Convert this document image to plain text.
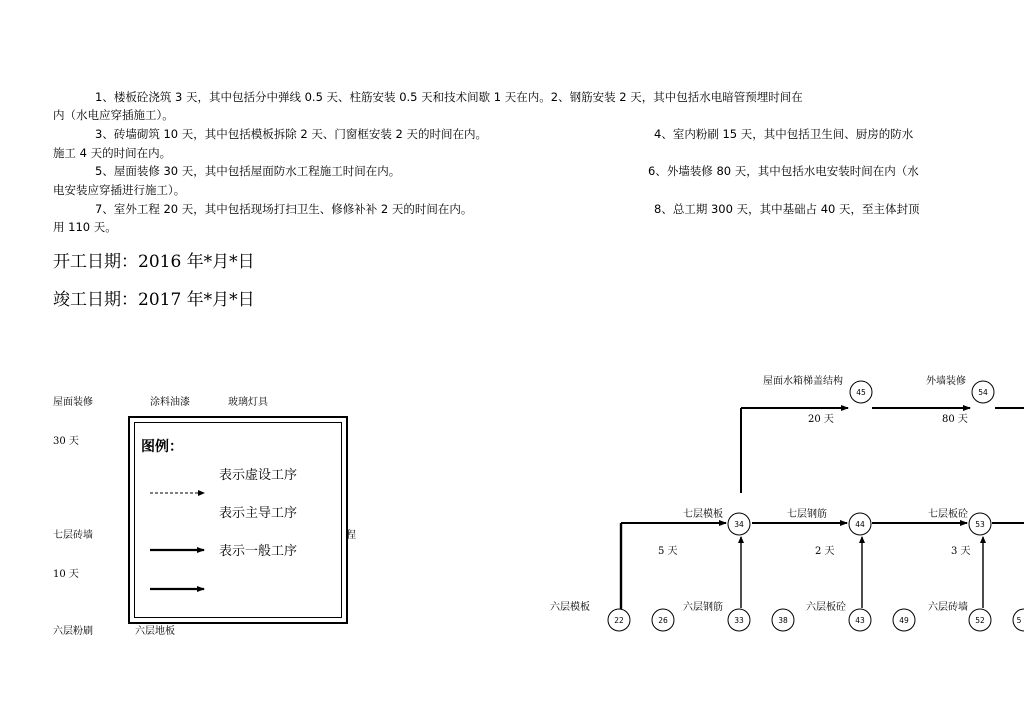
1、楼板砼浇筑 3 天，其中包括分中弹线 0.5 天、柱筋安装 0.5 天和技术间歇 1 天在内。2、钢筋安装 2 天，其中包括水电暗管预埋时间在
内（水电应穿插施工）。
3、砖墙砌筑 10 天，其中包括模板拆除 2 天、门窗框安装 2 天的时间在内。	4、室内粉刷 15 天，其中包括卫生间、厨房的防水
施工 4 天的时间在内。
5、屋面装修 30 天，其中包括屋面防水工程施工时间在内。	6、外墙装修 80 天，其中包括水电安装时间在内（水
电安装应穿插进行施工）。
7、室外工程 20 天，其中包括现场打扫卫生、修修补补 2 天的时间在内。	8、总工期 300 天，其中基础占 40 天，至主体封顶
用 110 天。
开工日期：2016 年*月*日
竣工日期：2017 年*月*日
屋面装修	涂料油漆	玻璃灯具
30 天
七层砖墙
10 天
六层粉刷	六层地板
程
图例：
表示虚设工序
表示主导工序
表示一般工序
45	54
34	44	53
22	26	33	38	43	49	52	5
屋面水箱梯盖结构	外墙装修
20 天	80 天
七层模板	七层钢筋	七层板砼
5 天	2 天	3 天
六层模板	六层钢筋	六层板砼	六层砖墙
